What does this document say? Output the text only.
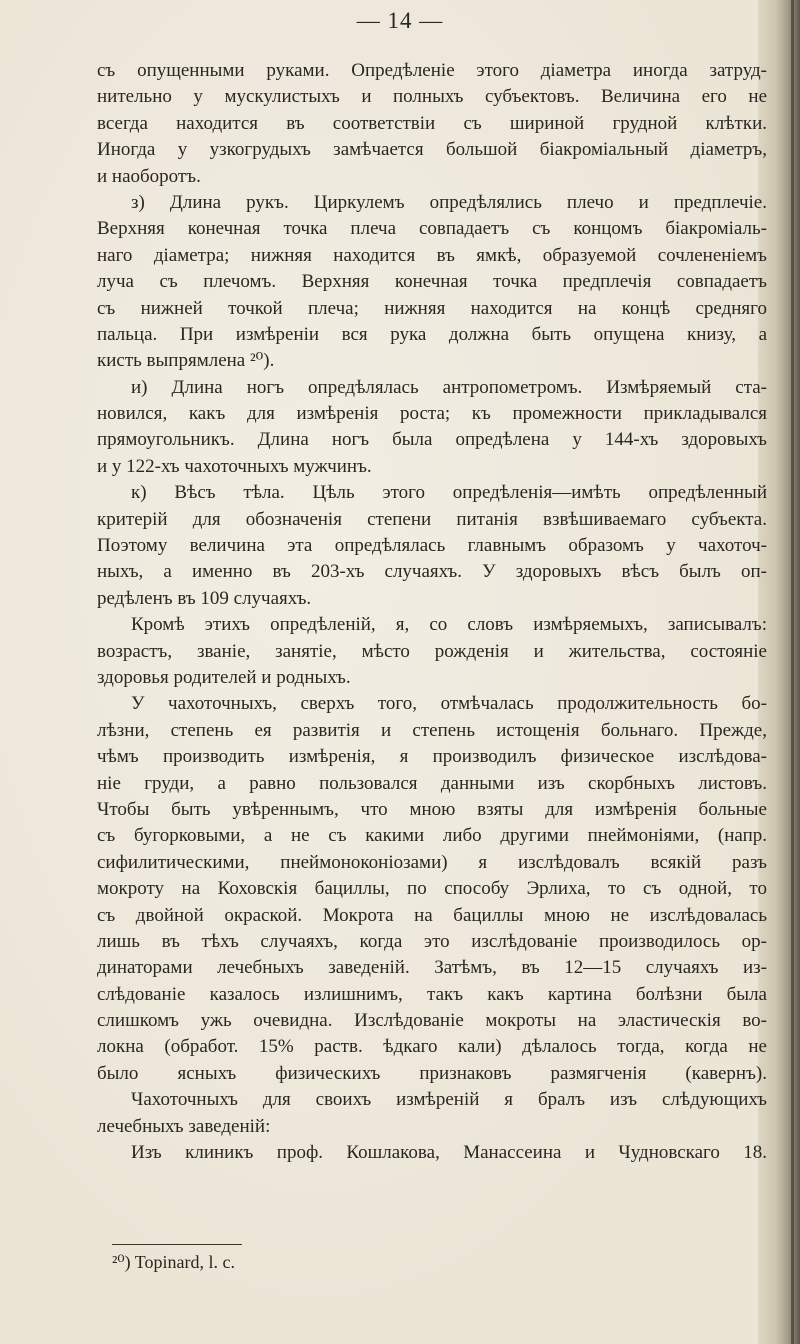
— 14 —
съ опущенными руками. Опредѣленіе этого діаметра иногда затруд-
нительно у мускулистыхъ и полныхъ субъектовъ. Величина его не
всегда находится въ соответствіи съ шириной грудной клѣтки.
Иногда у узкогрудыхъ замѣчается большой біакроміальный діаметръ,
и наоборотъ.
з) Длина рукъ. Циркулемъ опредѣлялись плечо и предплечіе.
Верхняя конечная точка плеча совпадаетъ съ концомъ біакроміаль-
наго діаметра; нижняя находится въ ямкѣ, образуемой сочлененіемъ
луча съ плечомъ. Верхняя конечная точка предплечія совпадаетъ
съ нижней точкой плеча; нижняя находится на концѣ средняго
пальца. При измѣреніи вся рука должна быть опущена книзу, а
кисть выпрямлена ²⁰).
и) Длина ногъ опредѣлялась антропометромъ. Измѣряемый ста-
новился, какъ для измѣренія роста; къ промежности прикладывался
прямоугольникъ. Длина ногъ была опредѣлена у 144-хъ здоровыхъ
и у 122-хъ чахоточныхъ мужчинъ.
к) Вѣсъ тѣла. Цѣль этого опредѣленія—имѣть опредѣленный
критерій для обозначенія степени питанія взвѣшиваемаго субъекта.
Поэтому величина эта опредѣлялась главнымъ образомъ у чахоточ-
ныхъ, а именно въ 203-хъ случаяхъ. У здоровыхъ вѣсъ былъ оп-
редѣленъ въ 109 случаяхъ.
Кромѣ этихъ опредѣленій, я, со словъ измѣряемыхъ, записывалъ:
возрастъ, званіе, занятіе, мѣсто рожденія и жительства, состояніе
здоровья родителей и родныхъ.
У чахоточныхъ, сверхъ того, отмѣчалась продолжительность бо-
лѣзни, степень ея развитія и степень истощенія больнаго. Прежде,
чѣмъ производить измѣренія, я производилъ физическое изслѣдова-
ніе груди, а равно пользовался данными изъ скорбныхъ листовъ.
Чтобы быть увѣреннымъ, что мною взяты для измѣренія больные
съ бугорковыми, а не съ какими либо другими пнеймоніями, (напр.
сифилитическими, пнеймоноконіозами) я изслѣдовалъ всякій разъ
мокроту на Коховскія бациллы, по способу Эрлиха, то съ одной, то
съ двойной окраской. Мокрота на бациллы мною не изслѣдовалась
лишь въ тѣхъ случаяхъ, когда это изслѣдованіе производилось ор-
динаторами лечебныхъ заведеній. Затѣмъ, въ 12—15 случаяхъ из-
слѣдованіе казалось излишнимъ, такъ какъ картина болѣзни была
слишкомъ ужь очевидна. Изслѣдованіе мокроты на эластическія во-
локна (обработ. 15% раств. ѣдкаго кали) дѣлалось тогда, когда не
было ясныхъ физическихъ признаковъ размягченія (кавернъ).
Чахоточныхъ для своихъ измѣреній я бралъ изъ слѣдующихъ
лечебныхъ заведеній:
Изъ клиникъ проф. Кошлакова, Манассеина и Чудновскаго 18.
²⁰) Topinard, l. c.
